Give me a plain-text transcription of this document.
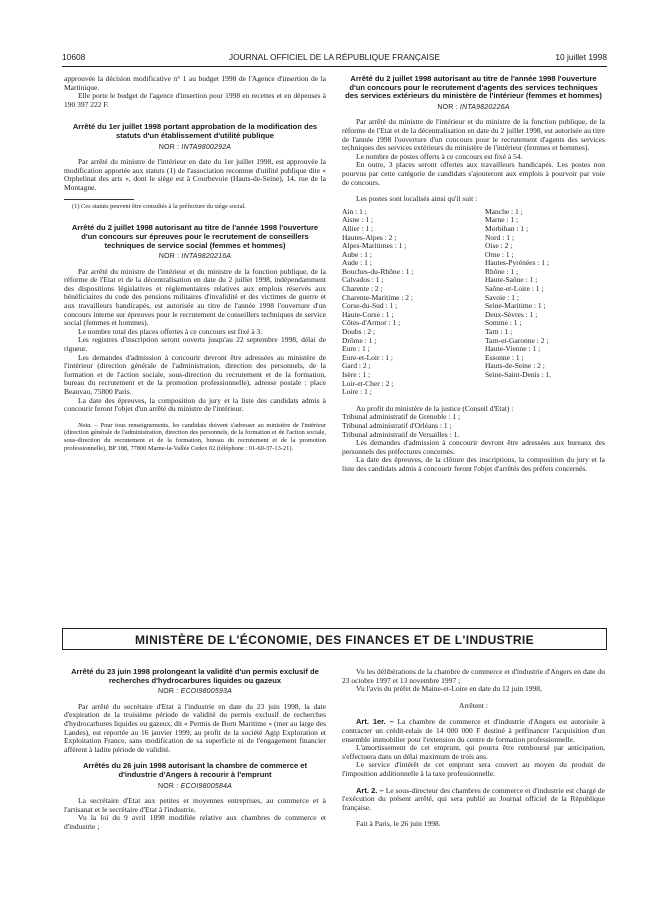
10608	JOURNAL OFFICIEL DE LA RÉPUBLIQUE FRANÇAISE	10 juillet 1998

approuvée la décision modificative n° 1 au budget 1998 de l'Agence d'insertion de la Martinique.

Elle porte le budget de l'agence d'insertion pour 1998 en recettes et en dépenses à 190 397 222 F.

Arrêté du 1er juillet 1998 portant approbation de la modification des statuts d'un établissement d'utilité publique

NOR : INTA9800292A

Par arrêté du ministre de l'intérieur en date du 1er juillet 1998, est approuvée la modification apportée aux statuts (1) de l'association reconnue d'utilité publique dite « Orphelinat des arts », dont le siège est à Courbevoie (Hauts-de-Seine), 14, rue de la Montagne.

(1) Ces statuts peuvent être consultés à la préfecture du siège social.

Arrêté du 2 juillet 1998 autorisant au titre de l'année 1998 l'ouverture d'un concours sur épreuves pour le recrutement de conseillers techniques de service social (femmes et hommes)

NOR : INTA9820216A

Par arrêté du ministre de l'intérieur et du ministre de la fonction publique, de la réforme de l'Etat et de la décentralisation en date du 2 juillet 1998, indépendamment des dispositions législatives et réglementaires relatives aux emplois réservés aux bénéficiaires du code des pensions militaires d'invalidité et des victimes de guerre et aux travailleurs handicapés, est autorisée au titre de l'année 1998 l'ouverture d'un concours interne sur épreuves pour le recrutement de conseillers techniques de service social (femmes et hommes).

Le nombre total des places offertes à ce concours est fixé à 3.

Les registres d'inscription seront ouverts jusqu'au 22 septembre 1998, délai de rigueur.

Les demandes d'admission à concourir devront être adressées au ministère de l'intérieur (direction générale de l'administration, direction des personnels, de la formation et de l'action sociale, sous-direction du recrutement et de la formation, bureau du recrutement et de la promotion professionnelle), adresse postale : place Beauvau, 75800 Paris.

La date des épreuves, la composition du jury et la liste des candidats admis à concourir feront l'objet d'un arrêté du ministre de l'intérieur.

Nota. – Pour tous renseignements, les candidats doivent s'adresser au ministère de l'intérieur (direction générale de l'administration, direction des personnels, de la formation et de l'action sociale, sous-direction du recrutement et de la formation, bureau du recrutement et de la promotion professionnelle), BP 188, 77800 Marne-la-Vallée Cedex 02 (téléphone : 01-60-37-13-21).

Arrêté du 2 juillet 1998 autorisant au titre de l'année 1998 l'ouverture d'un concours pour le recrutement d'agents des services techniques des services extérieurs du ministère de l'intérieur (femmes et hommes)

NOR : INTA9820226A

Par arrêté du ministre de l'intérieur et du ministre de la fonction publique, de la réforme de l'Etat et de la décentralisation en date du 2 juillet 1998, est autorisée au titre de l'année 1998 l'ouverture d'un concours pour le recrutement d'agents des services techniques des services extérieurs du ministère de l'intérieur (femmes et hommes).

Le nombre de postes offerts à ce concours est fixé à 54.

En outre, 3 places seront offertes aux travailleurs handicapés. Les postes non pourvus par cette catégorie de candidats s'ajouteront aux emplois à pourvoir par voie de concours.

Les postes sont localisés ainsi qu'il suit :

Ain : 1 ;
Aisne : 1 ;
Allier : 1 ;
Hautes-Alpes : 2 ;
Alpes-Maritimes : 1 ;
Aube : 1 ;
Aude : 1 ;
Bouches-du-Rhône : 1 ;
Calvados : 1 ;
Charente : 2 ;
Charente-Maritime : 2 ;
Corse-du-Sud : 1 ;
Haute-Corse : 1 ;
Côtes-d'Armor : 1 ;
Doubs : 2 ;
Drôme : 1 ;
Eure : 1 ;
Eure-et-Loir : 1 ;
Gard : 2 ;
Isère : 1 ;
Loir-et-Cher : 2 ;
Loire : 1 ;
Manche : 1 ;
Marne : 1 ;
Morbihan : 1 ;
Nord : 1 ;
Oise : 2 ;
Orne : 1 ;
Hautes-Pyrénées : 1 ;
Rhône : 1 ;
Haute-Saône : 1 ;
Saône-et-Loire : 1 ;
Savoie : 1 ;
Seine-Maritime : 1 ;
Deux-Sèvres : 1 ;
Somme : 1 ;
Tarn : 1 ;
Tarn-et-Garonne : 2 ;
Haute-Vienne : 1 ;
Essonne : 1 ;
Hauts-de-Seine : 2 ;
Seine-Saint-Denis : 1.

Au profit du ministère de la justice (Conseil d'Etat) :

Tribunal administratif de Grenoble : 1 ;

Tribunal administratif d'Orléans : 1 ;

Tribunal administratif de Versailles : 1.

Les demandes d'admission à concourir devront être adressées aux bureaux des personnels des préfectures concernés.

La date des épreuves, de la clôture des inscriptions, la composition du jury et la liste des candidats admis à concourir feront l'objet d'arrêtés des préfets concernés.

MINISTÈRE DE L'ÉCONOMIE, DES FINANCES ET DE L'INDUSTRIE

Arrêté du 23 juin 1998 prolongeant la validité d'un permis exclusif de recherches d'hydrocarbures liquides ou gazeux

NOR : ECOI9800593A

Par arrêté du secrétaire d'Etat à l'industrie en date du 23 juin 1998, la date d'expiration de la troisième période de validité du permis exclusif de recherches d'hydrocarbures liquides ou gazeux, dit « Permis de Born Maritime » (mer au large des Landes), est reportée au 16 janvier 1999, au profit de la société Agip Exploration et Exploitation France, sans modification de sa superficie ni de l'engagement financier afférent à ladite période de validité.

Arrêtés du 26 juin 1998 autorisant la chambre de commerce et d'industrie d'Angers à recourir à l'emprunt

NOR : ECOI9800584A

La secrétaire d'Etat aux petites et moyennes entreprises, au commerce et à l'artisanat et le secrétaire d'Etat à l'industrie,

Vu la loi du 9 avril 1898 modifiée relative aux chambres de commerce et d'industrie ;

Vu les délibérations de la chambre de commerce et d'industrie d'Angers en date du 23 octobre 1997 et 13 novembre 1997 ;

Vu l'avis du préfet de Maine-et-Loire en date du 12 juin 1998,

Arrêtent :

Art. 1er. – La chambre de commerce et d'industrie d'Angers est autorisée à contracter un crédit-relais de 14 000 000 F destiné à préfinancer l'acquisition d'un ensemble immobilier pour l'extension du centre de formation professionnelle.

L'amortissement de cet emprunt, qui pourra être remboursé par anticipation, s'effectuera dans un délai maximum de trois ans.

Le service d'intérêt de cet emprunt sera couvert au moyen du produit de l'imposition additionnelle à la taxe professionnelle.

Art. 2. – Le sous-directeur des chambres de commerce et d'industrie est chargé de l'exécution du présent arrêté, qui sera publié au Journal officiel de la République française.

Fait à Paris, le 26 juin 1998.
